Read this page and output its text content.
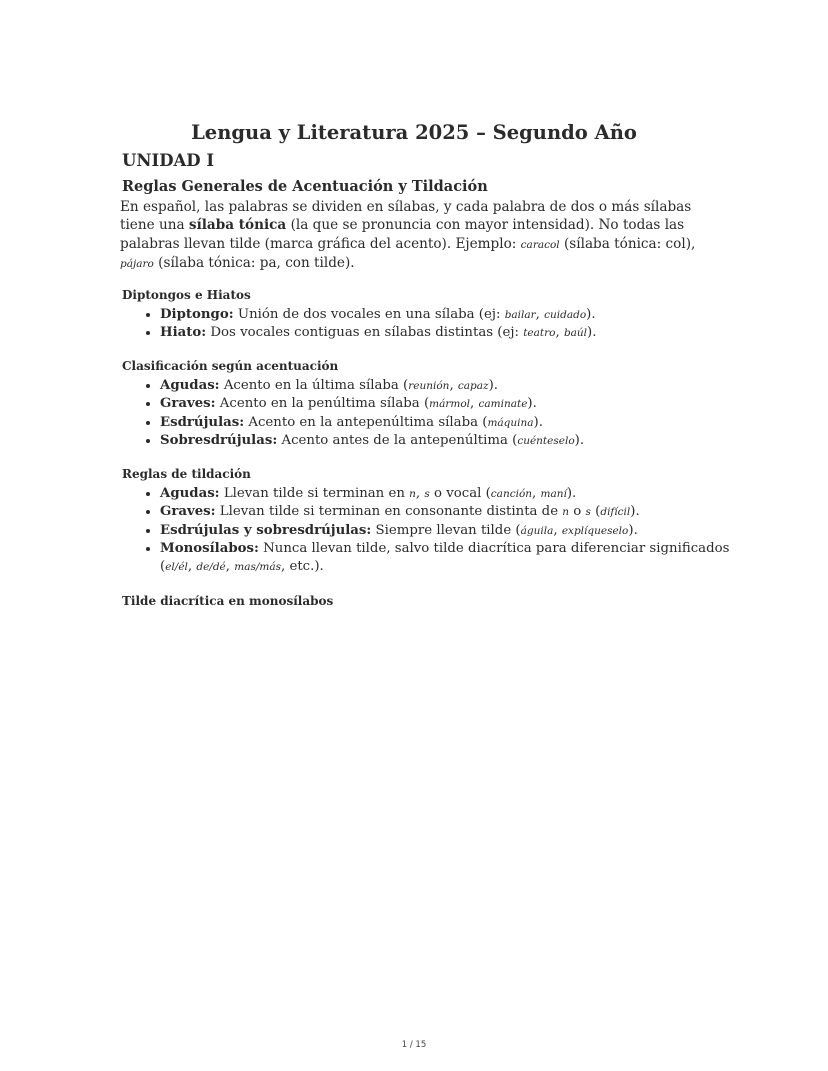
Lengua y Literatura 2025 – Segundo Año
UNIDAD I
Reglas Generales de Acentuación y Tildación

En español, las palabras se dividen en sílabas, y cada palabra de dos o más sílabas tiene una sílaba tónica (la que se pronuncia con mayor intensidad). No todas las palabras llevan tilde (marca gráfica del acento). Ejemplo: caracol (sílaba tónica: col), pájaro (sílaba tónica: pa, con tilde).

Diptongos e Hiatos
• Diptongo: Unión de dos vocales en una sílaba (ej: bailar, cuidado).
• Hiato: Dos vocales contiguas en sílabas distintas (ej: teatro, baúl).
Clasificación según acentuación
• Agudas: Acento en la última sílaba (reunión, capaz).
• Graves: Acento en la penúltima sílaba (mármol, caminate).
• Esdrújulas: Acento en la antepenúltima sílaba (máquina).
• Sobresdrújulas: Acento antes de la antepenúltima (cuénteselo).
Reglas de tildación
• Agudas: Llevan tilde si terminan en n, s o vocal (canción, maní).
• Graves: Llevan tilde si terminan en consonante distinta de n o s (difícil).
• Esdrújulas y sobresdrújulas: Siempre llevan tilde (águila, explíqueselo).
• Monosílabos: Nunca llevan tilde, salvo tilde diacrítica para diferenciar significados (el/él, de/dé, mas/más, etc.).
Tilde diacrítica en monosílabos
1 / 15
